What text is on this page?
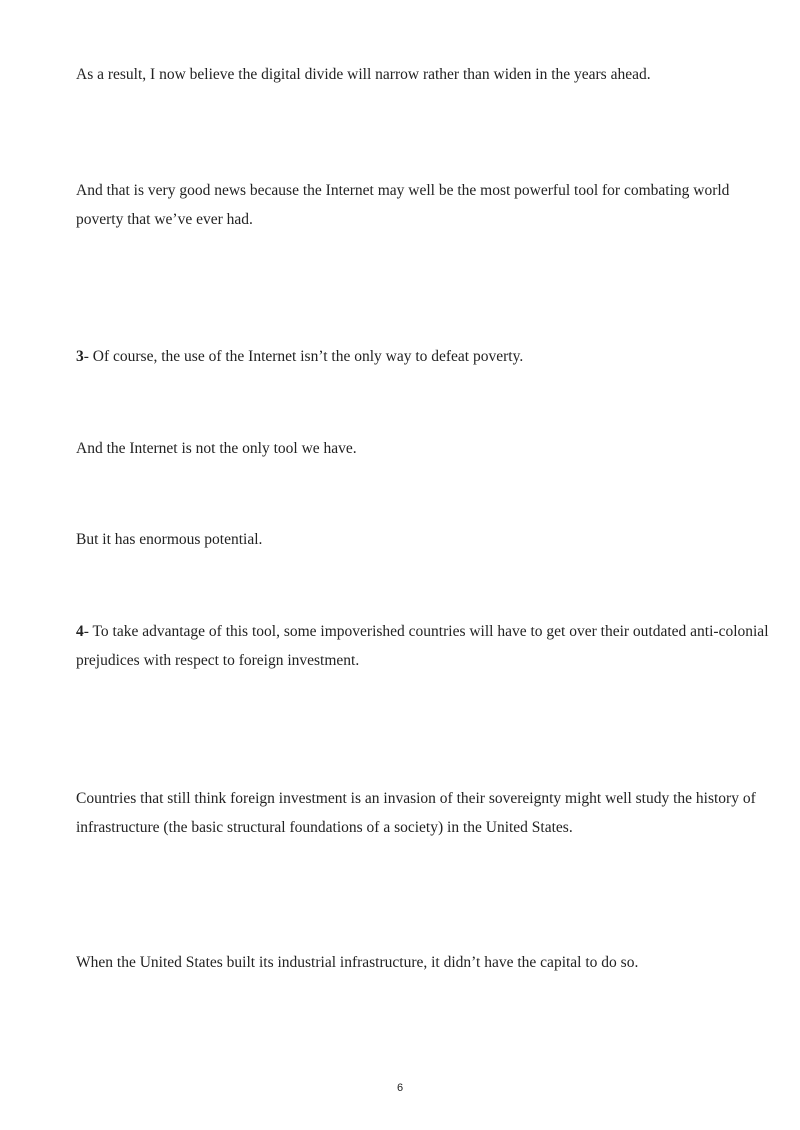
As a result, I now believe the digital divide will narrow rather than widen in the years ahead.

And that is very good news because the Internet may well be the most powerful tool for combating world poverty that we’ve ever had.

3- Of course, the use of the Internet isn’t the only way to defeat poverty.

And the Internet is not the only tool we have.

But it has enormous potential.

4- To take advantage of this tool, some impoverished countries will have to get over their outdated anti-colonial prejudices with respect to foreign investment.

Countries that still think foreign investment is an invasion of their sovereignty might well study the history of infrastructure (the basic structural foundations of a society) in the United States.

When the United States built its industrial infrastructure, it didn’t have the capital to do so.

6
